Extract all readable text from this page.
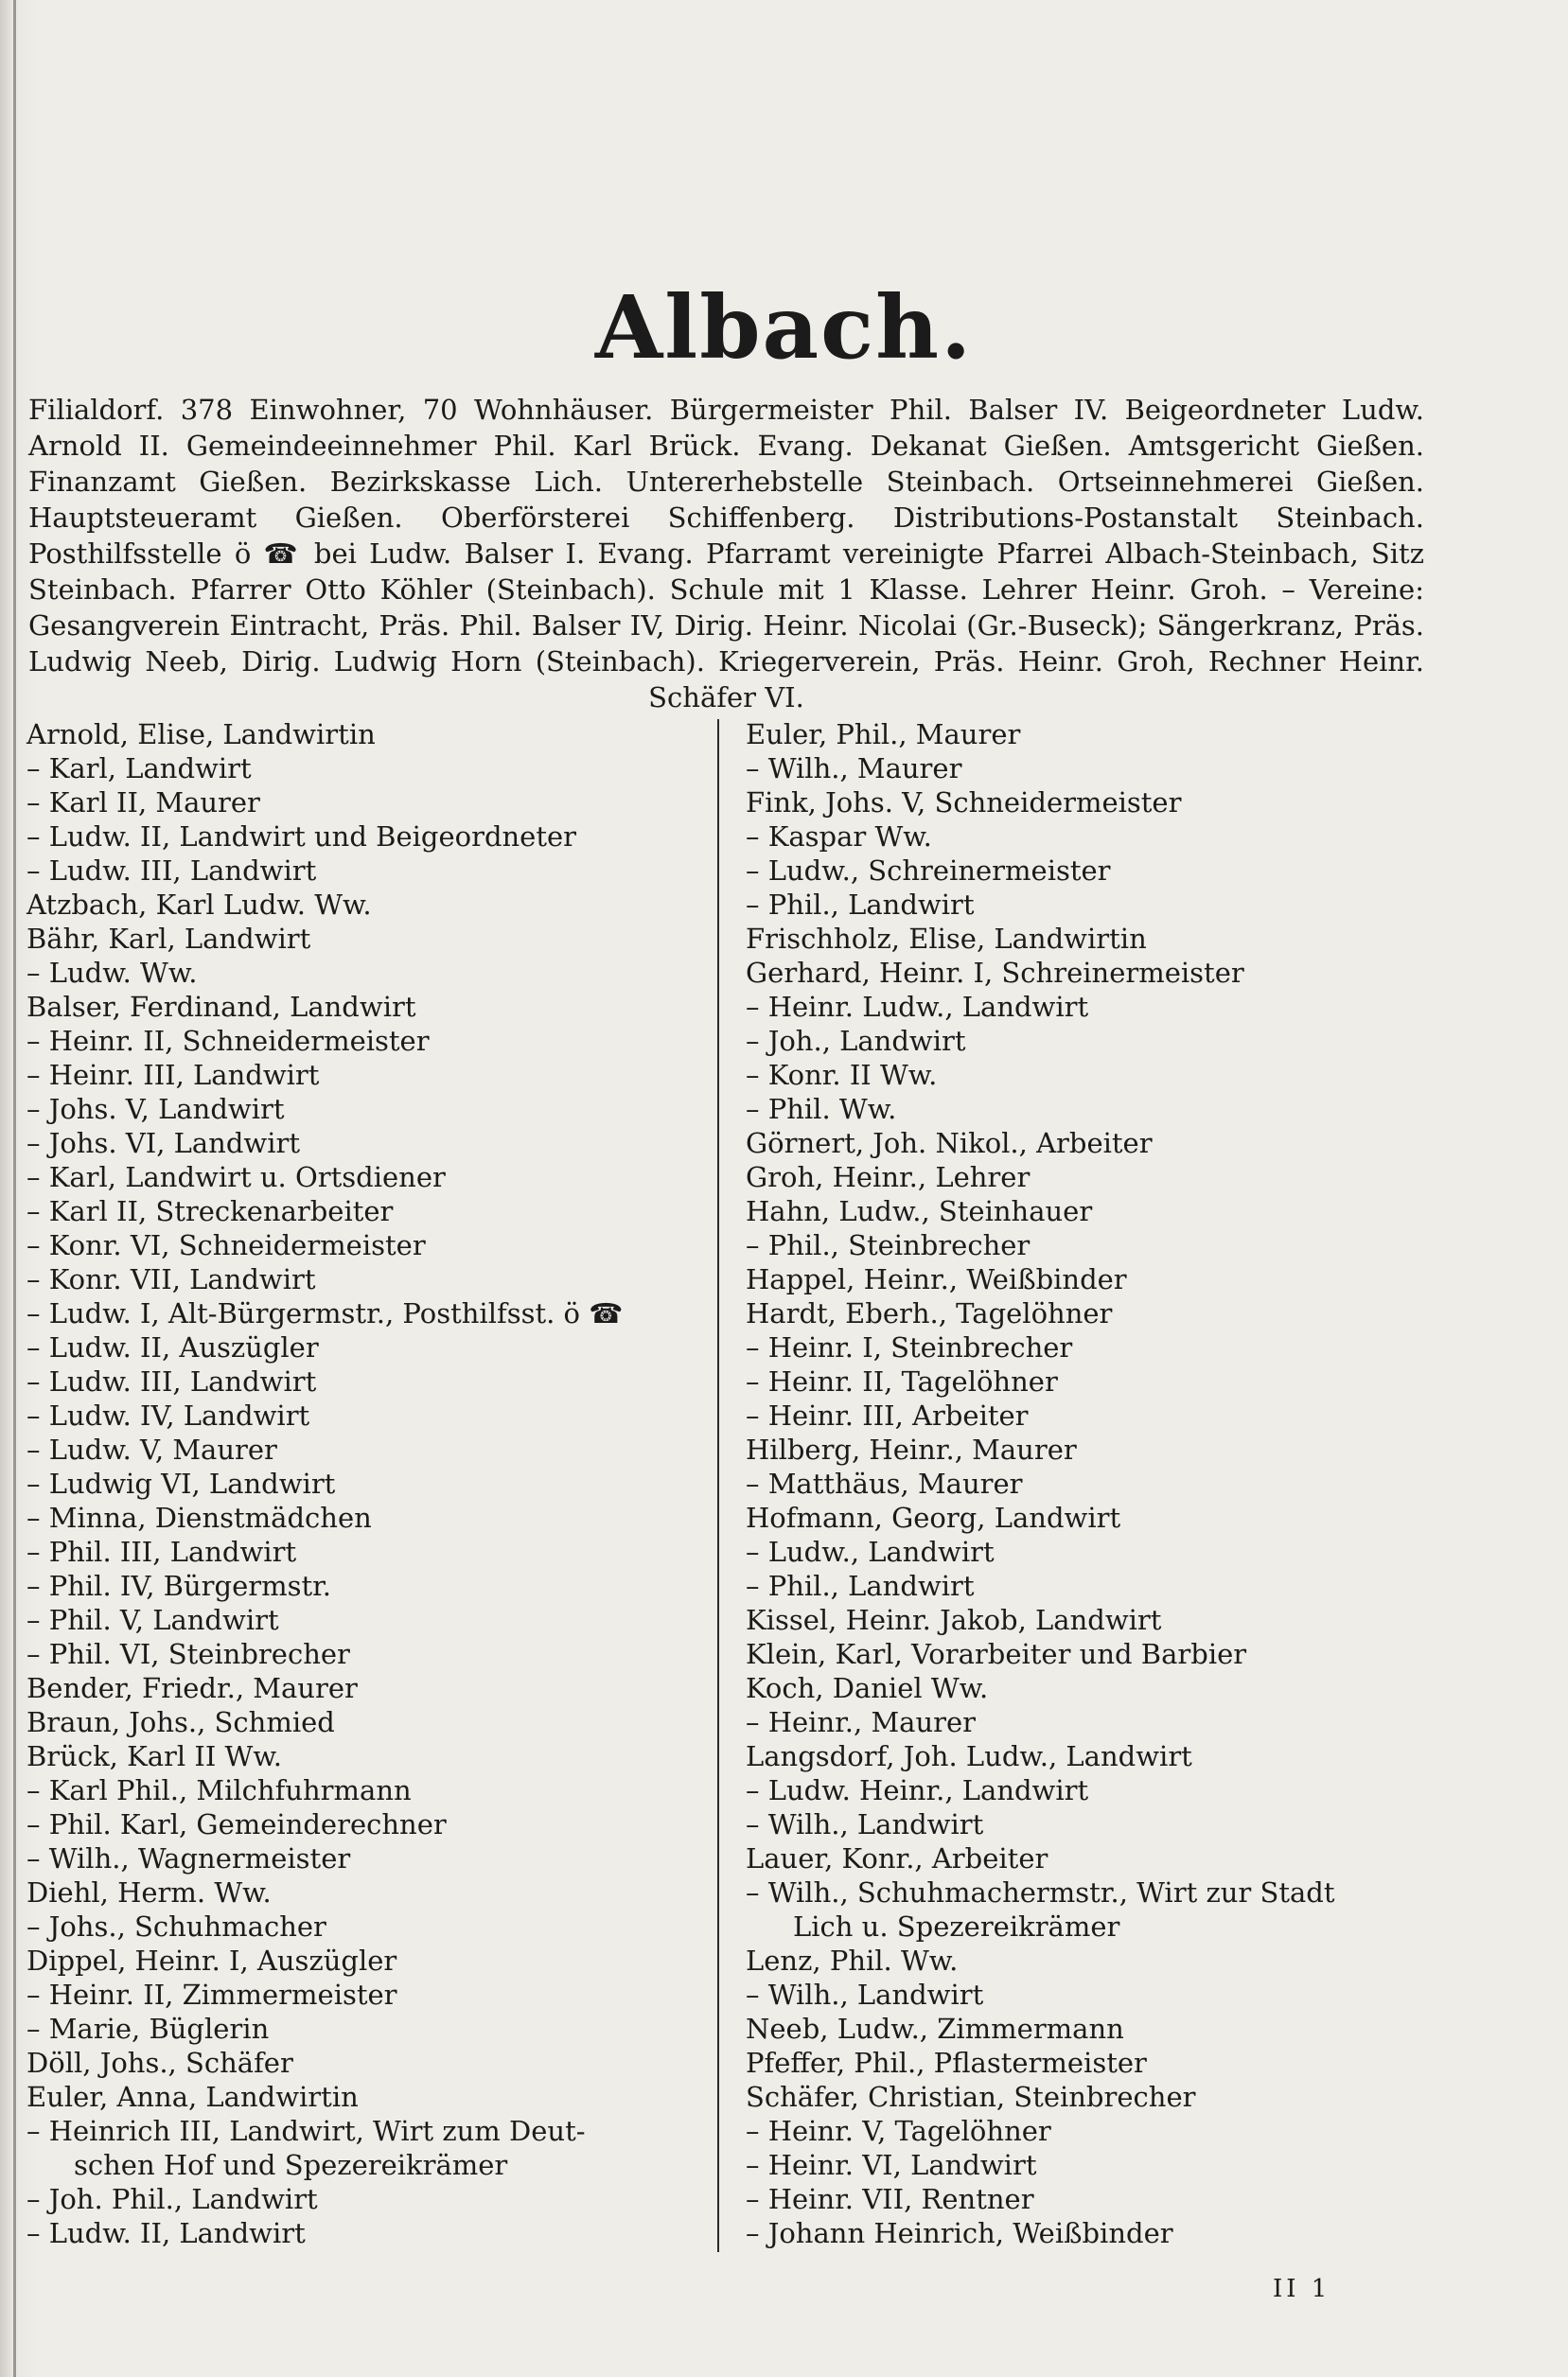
Albach.
Filialdorf. 378 Einwohner, 70 Wohnhäuser. Bürgermeister Phil. Balser IV. Beigeordneter Ludw. Arnold II. Gemeindeeinnehmer Phil. Karl Brück. Evang. Dekanat Gießen. Amtsgericht Gießen. Finanzamt Gießen. Bezirkskasse Lich. Untererhebstelle Steinbach. Ortseinnehmerei Gießen. Hauptsteueramt Gießen. Oberförsterei Schiffenberg. Distributions-Postanstalt Steinbach. Posthilfsstelle ö ☎ bei Ludw. Balser I. Evang. Pfarramt vereinigte Pfarrei Albach-Steinbach, Sitz Steinbach. Pfarrer Otto Köhler (Steinbach). Schule mit 1 Klasse. Lehrer Heinr. Groh. – Vereine: Gesangverein Eintracht, Präs. Phil. Balser IV, Dirig. Heinr. Nicolai (Gr.-Buseck); Sängerkranz, Präs. Ludwig Neeb, Dirig. Ludwig Horn (Steinbach). Kriegerverein, Präs. Heinr. Groh, Rechner Heinr. Schäfer VI.
Arnold, Elise, Landwirtin
– Karl, Landwirt
– Karl II, Maurer
– Ludw. II, Landwirt und Beigeordneter
– Ludw. III, Landwirt
Atzbach, Karl Ludw. Ww.
Bähr, Karl, Landwirt
– Ludw. Ww.
Balser, Ferdinand, Landwirt
– Heinr. II, Schneidermeister
– Heinr. III, Landwirt
– Johs. V, Landwirt
– Johs. VI, Landwirt
– Karl, Landwirt u. Ortsdiener
– Karl II, Streckenarbeiter
– Konr. VI, Schneidermeister
– Konr. VII, Landwirt
– Ludw. I, Alt-Bürgermstr., Posthilfsst. ö ☎
– Ludw. II, Auszügler
– Ludw. III, Landwirt
– Ludw. IV, Landwirt
– Ludw. V, Maurer
– Ludwig VI, Landwirt
– Minna, Dienstmädchen
– Phil. III, Landwirt
– Phil. IV, Bürgermstr.
– Phil. V, Landwirt
– Phil. VI, Steinbrecher
Bender, Friedr., Maurer
Braun, Johs., Schmied
Brück, Karl II Ww.
– Karl Phil., Milchfuhrmann
– Phil. Karl, Gemeinderechner
– Wilh., Wagnermeister
Diehl, Herm. Ww.
– Johs., Schuhmacher
Dippel, Heinr. I, Auszügler
– Heinr. II, Zimmermeister
– Marie, Büglerin
Döll, Johs., Schäfer
Euler, Anna, Landwirtin
– Heinrich III, Landwirt, Wirt zum Deut-
schen Hof und Spezereikrämer
– Joh. Phil., Landwirt
– Ludw. II, Landwirt
Euler, Phil., Maurer
– Wilh., Maurer
Fink, Johs. V, Schneidermeister
– Kaspar Ww.
– Ludw., Schreinermeister
– Phil., Landwirt
Frischholz, Elise, Landwirtin
Gerhard, Heinr. I, Schreinermeister
– Heinr. Ludw., Landwirt
– Joh., Landwirt
– Konr. II Ww.
– Phil. Ww.
Görnert, Joh. Nikol., Arbeiter
Groh, Heinr., Lehrer
Hahn, Ludw., Steinhauer
– Phil., Steinbrecher
Happel, Heinr., Weißbinder
Hardt, Eberh., Tagelöhner
– Heinr. I, Steinbrecher
– Heinr. II, Tagelöhner
– Heinr. III, Arbeiter
Hilberg, Heinr., Maurer
– Matthäus, Maurer
Hofmann, Georg, Landwirt
– Ludw., Landwirt
– Phil., Landwirt
Kissel, Heinr. Jakob, Landwirt
Klein, Karl, Vorarbeiter und Barbier
Koch, Daniel Ww.
– Heinr., Maurer
Langsdorf, Joh. Ludw., Landwirt
– Ludw. Heinr., Landwirt
– Wilh., Landwirt
Lauer, Konr., Arbeiter
– Wilh., Schuhmachermstr., Wirt zur Stadt
Lich u. Spezereikrämer
Lenz, Phil. Ww.
– Wilh., Landwirt
Neeb, Ludw., Zimmermann
Pfeffer, Phil., Pflastermeister
Schäfer, Christian, Steinbrecher
– Heinr. V, Tagelöhner
– Heinr. VI, Landwirt
– Heinr. VII, Rentner
– Johann Heinrich, Weißbinder
II 1
